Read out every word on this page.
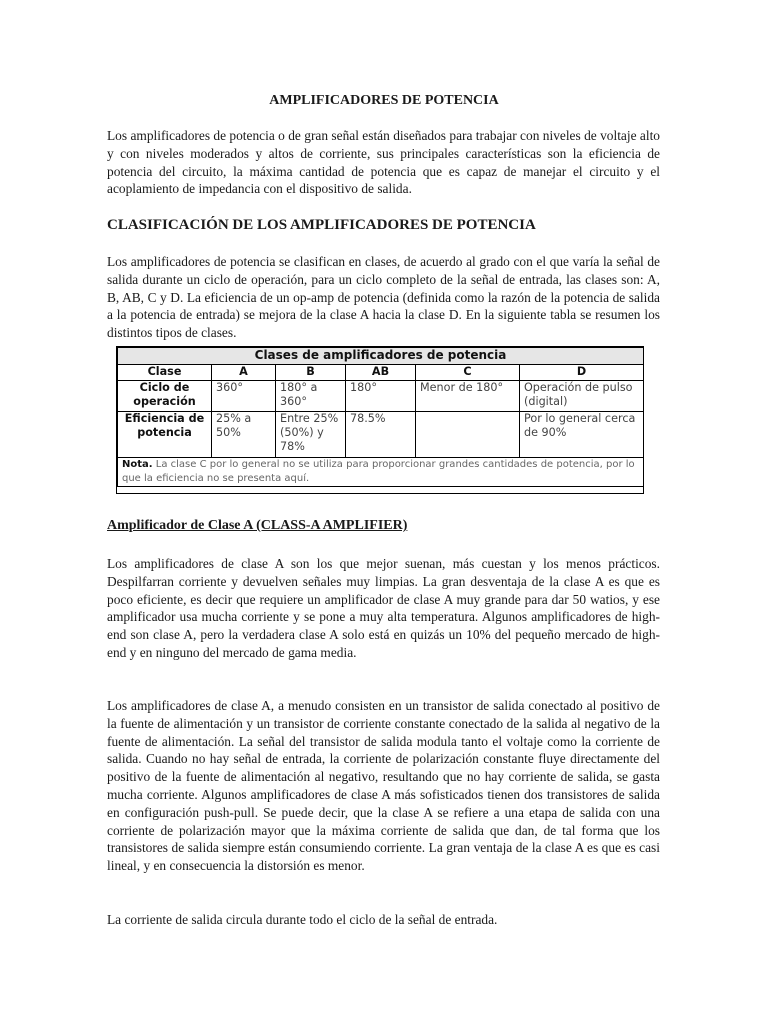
AMPLIFICADORES DE POTENCIA
Los amplificadores de potencia o de gran señal están diseñados para trabajar con niveles de voltaje alto y con niveles moderados y altos de corriente, sus principales características son la eficiencia de potencia del circuito, la máxima cantidad de potencia que es capaz de manejar el circuito y el acoplamiento de impedancia con el dispositivo de salida.
CLASIFICACIÓN DE LOS AMPLIFICADORES DE POTENCIA
Los amplificadores de potencia se clasifican en clases, de acuerdo al grado con el que varía la señal de salida durante un ciclo de operación, para un ciclo completo de la señal de entrada, las clases son: A, B, AB, C y D. La eficiencia de un op-amp de potencia (definida como la razón de la potencia de salida a la potencia de entrada) se mejora de la clase A hacia la clase D. En la siguiente tabla se resumen los distintos tipos de clases.
Clases de amplificadores de potencia					
Clase	A	B	AB	C	D
Ciclo de operación	360°	180° a 360°	180°	Menor de 180°	Operación de pulso (digital)
Eficiencia de potencia	25% a 50%	Entre 25% (50%) y 78%	78.5%		Por lo general cerca de 90%
Nota. La clase C por lo general no se utiliza para proporcionar grandes cantidades de potencia, por lo que la eficiencia no se presenta aquí.					
Amplificador de Clase A (CLASS-A AMPLIFIER)
Los amplificadores de clase A son los que mejor suenan, más cuestan y los menos prácticos. Despilfarran corriente y devuelven señales muy limpias. La gran desventaja de la clase A es que es poco eficiente, es decir que requiere un amplificador de clase A muy grande para dar 50 watios, y ese amplificador usa mucha corriente y se pone a muy alta temperatura. Algunos amplificadores de high-end son clase A, pero la verdadera clase A solo está en quizás un 10% del pequeño mercado de high-end y en ninguno del mercado de gama media.
Los amplificadores de clase A, a menudo consisten en un transistor de salida conectado al positivo de la fuente de alimentación y un transistor de corriente constante conectado de la salida al negativo de la fuente de alimentación. La señal del transistor de salida modula tanto el voltaje como la corriente de salida. Cuando no hay señal de entrada, la corriente de polarización constante fluye directamente del positivo de la fuente de alimentación al negativo, resultando que no hay corriente de salida, se gasta mucha corriente. Algunos amplificadores de clase A más sofisticados tienen dos transistores de salida en configuración push-pull. Se puede decir, que la clase A se refiere a una etapa de salida con una corriente de polarización mayor que la máxima corriente de salida que dan, de tal forma que los transistores de salida siempre están consumiendo corriente. La gran ventaja de la clase A es que es casi lineal, y en consecuencia la distorsión es menor.
La corriente de salida circula durante todo el ciclo de la señal de entrada.
